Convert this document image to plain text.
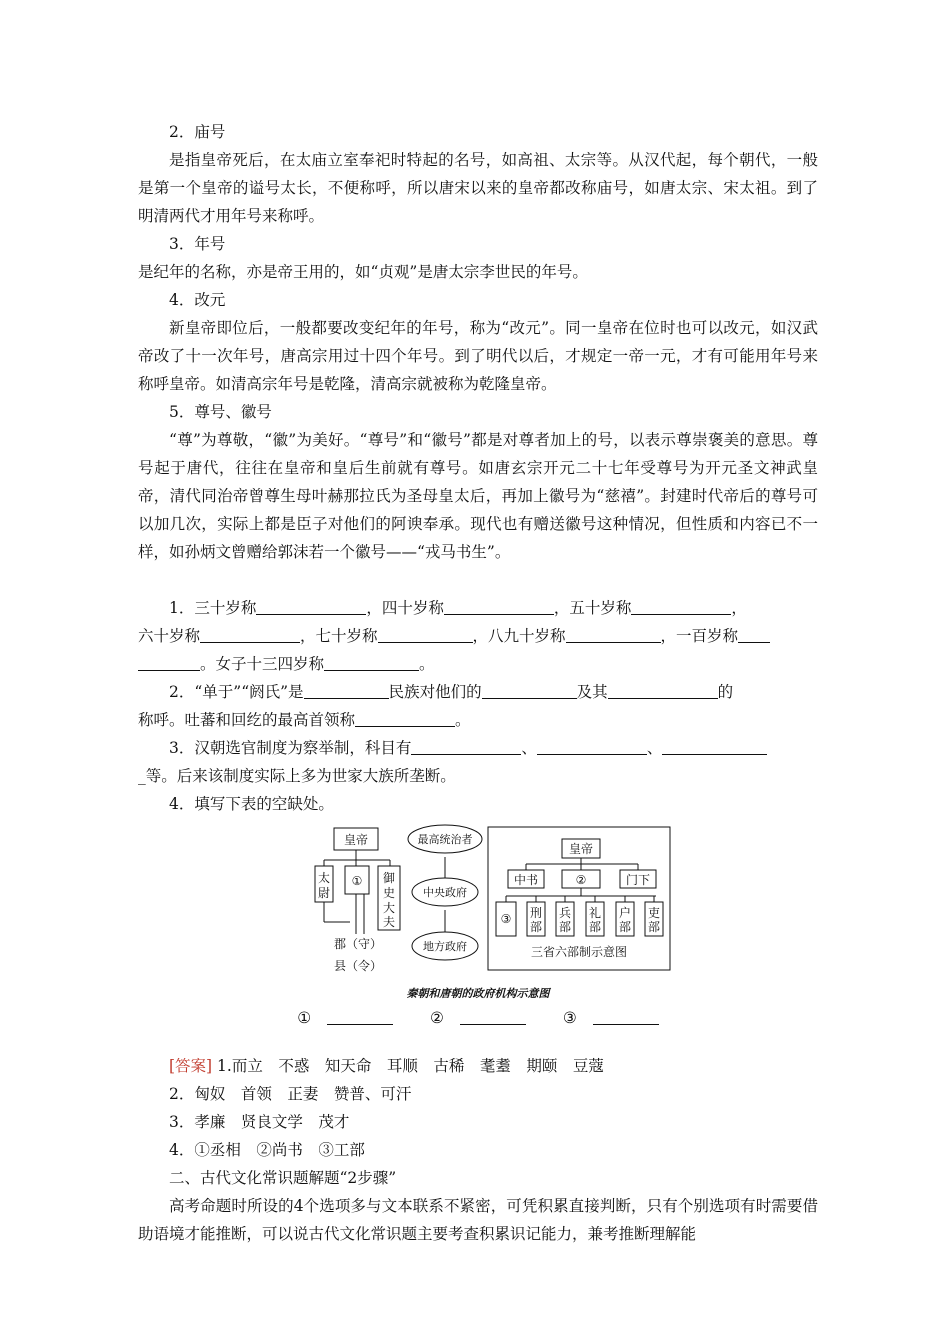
2．庙号

是指皇帝死后，在太庙立室奉祀时特起的名号，如高祖、太宗等。从汉代起，每个朝代，一般是第一个皇帝的谥号太长，不便称呼，所以唐宋以来的皇帝都改称庙号，如唐太宗、宋太祖。到了明清两代才用年号来称呼。

3．年号

是纪年的名称，亦是帝王用的，如“贞观”是唐太宗李世民的年号。

4．改元

新皇帝即位后，一般都要改变纪年的年号，称为“改元”。同一皇帝在位时也可以改元，如汉武帝改了十一次年号，唐高宗用过十四个年号。到了明代以后，才规定一帝一元，才有可能用年号来称呼皇帝。如清高宗年号是乾隆，清高宗就被称为乾隆皇帝。

5．尊号、徽号

“尊”为尊敬，“徽”为美好。“尊号”和“徽号”都是对尊者加上的号，以表示尊崇褒美的意思。尊号起于唐代，往往在皇帝和皇后生前就有尊号。如唐玄宗开元二十七年受尊号为开元圣文神武皇帝，清代同治帝曾尊生母叶赫那拉氏为圣母皇太后，再加上徽号为“慈禧”。封建时代帝后的尊号可以加几次，实际上都是臣子对他们的阿谀奉承。现代也有赠送徽号这种情况，但性质和内容已不一样，如孙炳文曾赠给郭沫若一个徽号——“戎马书生”。

1．三十岁称	，四十岁称	，五十岁称	，

六十岁称	，七十岁称	，八九十岁称	，一百岁称

。女子十三四岁称	。

2．“单于”“阏氏”是	民族对他们的	及其	的

称呼。吐蕃和回纥的最高首领称	。

3．汉朝选官制度为察举制，科目有	、	、

_等。后来该制度实际上多为世家大族所垄断。

4．填写下表的空缺处。

皇帝
太
尉
① 御
史
大
夫
郡（守）
县（令）
最高统治者
中央政府
地方政府
皇帝
中书	②	门下
③ 刑
部
兵
部
礼
部
户
部
吏
部
三省六部制示意图
秦朝和唐朝的政府机构示意图
①	②	③

[答案] 1.而立　不惑　知天命　耳顺　古稀　耄耋　期颐　豆蔻

2．匈奴　首领　正妻　赞普、可汗

3．孝廉　贤良文学　茂才

4．①丞相　②尚书　③工部

二、古代文化常识题解题“2步骤”

高考命题时所设的4个选项多与文本联系不紧密，可凭积累直接判断，只有个别选项有时需要借助语境才能推断，可以说古代文化常识题主要考查积累识记能力，兼考推断理解能
